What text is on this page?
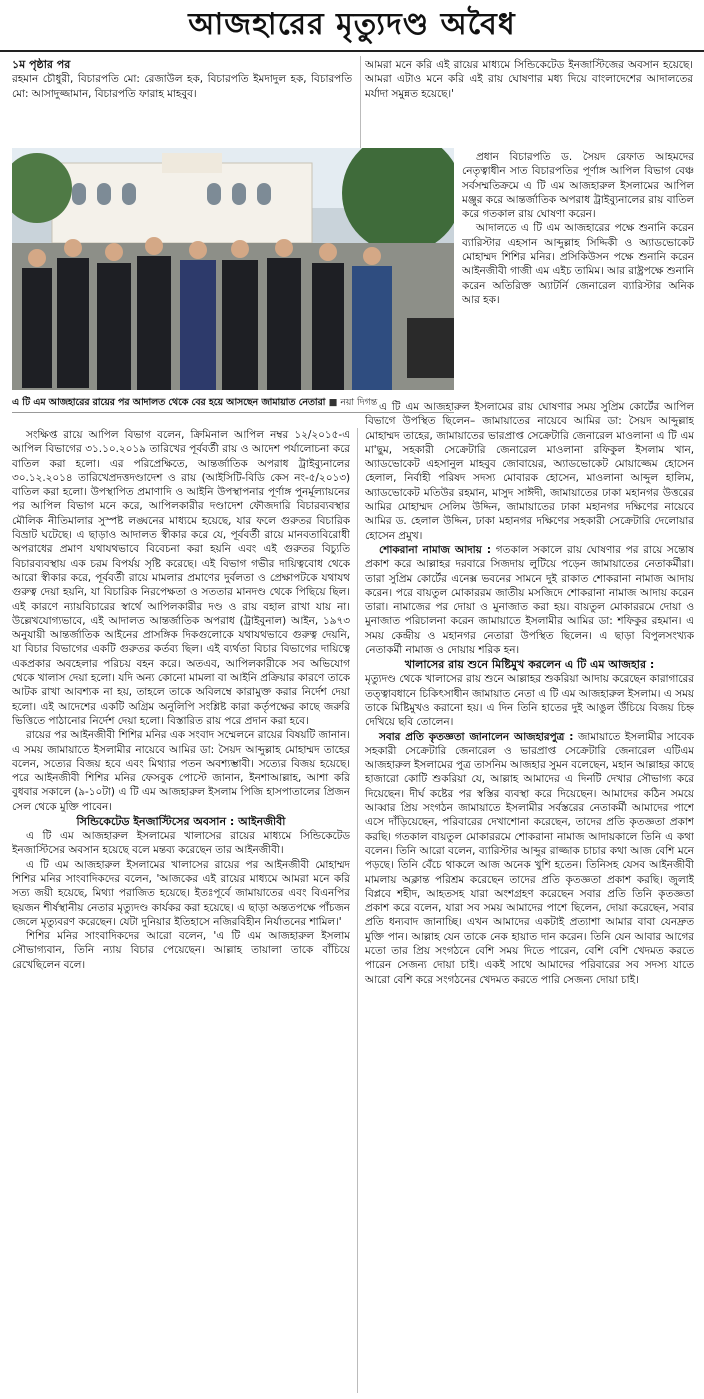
আজহারের মৃত্যুদণ্ড অবৈধ

১ম পৃষ্ঠার পর

রহমান চৌধুরী, বিচারপতি মো: রেজাউল হক, বিচারপতি ইমদাদুল হক, বিচারপতি মো: আসাদুজ্জামান, বিচারপতি ফারাহ মাহবুব।

আমরা মনে করি এই রায়ের মাধ্যমে সিন্ডিকেটেড ইনজাস্টিজের অবসান হয়েছে। আমরা এটাও মনে করি এই রায় ঘোষণার মধ্য দিয়ে বাংলাদেশের আদালতের মর্যাদা সমুন্নত হয়েছে।'

এ টি এম আজহারের রায়ের পর আদালত থেকে বের হয়ে আসছেন জামায়াত নেতারা ■ নয়া দিগন্ত

প্রধান বিচারপতি ড. সৈয়দ রেফাত আহমদের নেতৃত্বাধীন সাত বিচারপতির পূর্ণাঙ্গ আপিল বিভাগ বেঞ্চ সর্বসম্মতিক্রমে এ টি এম আজহারুল ইসলামের আপিল মঞ্জুর করে আন্তর্জাতিক অপরাধ ট্রাইব্যুনালের রায় বাতিল করে গতকাল রায় ঘোষণা করেন।

আদালতে এ টি এম আজহারের পক্ষে শুনানি করেন ব্যারিস্টার এহসান আব্দুল্লাহ সিদ্দিকী ও অ্যাডভোকেট মোহাম্মদ শিশির মনির। প্রসিকিউসন পক্ষে শুনানি করেন আইনজীবী গাজী এম এইচ তামিম। আর রাষ্ট্রপক্ষে শুনানি করেন অতিরিক্ত অ্যাটর্নি জেনারেল ব্যারিস্টার অনিক আর হক।

এ টি এম আজহারুল ইসলামের রায় ঘোষণার সময় সুপ্রিম কোর্টের আপিল বিভাগে উপস্থিত ছিলেন– জামায়াতের নায়েবে আমির ডা: সৈয়দ আব্দুল্লাহ মোহাম্মদ তাহের, জামায়াতের ভারপ্রাপ্ত সেক্রেটারি জেনারেল মাওলানা এ টি এম মা'ছুম, সহকারী সেক্রেটারি জেনারেল মাওলানা রফিকুল ইসলাম খান, অ্যাডভোকেট এহসানুল মাহবুব জোবায়ের, অ্যাডভোকেট মোয়াজ্জেম হোসেন হেলাল, নির্বাহী পরিষদ সদস্য মোবারক হোসেন, মাওলানা আব্দুল হালিম, অ্যাডভোকেট মতিউর রহমান, মাসুদ সাঈদী, জামায়াতের ঢাকা মহানগর উত্তরের আমির মোহাম্মদ সেলিম উদ্দিন, জামায়াতের ঢাকা মহানগর দক্ষিণের নায়েবে আমির ড. হেলাল উদ্দিন, ঢাকা মহানগর দক্ষিণের সহকারী সেক্রেটারি দেলোয়ার হোসেন প্রমুখ।

শোকরানা নামাজ আদায় : গতকাল সকালে রায় ঘোষণার পর রায়ে সন্তোষ প্রকাশ করে আল্লাহর দরবারে সিজদায় লুটিয়ে পড়েন জামায়াতের নেতাকর্মীরা। তারা সুপ্রিম কোর্টের এনেক্স ভবনের সামনে দুই রাকাত শোকরানা নামাজ আদায় করেন। পরে বায়তুল মোকাররম জাতীয় মসজিদে শোকরানা নামাজ আদায় করেন তারা। নামাজের পর দোয়া ও মুনাজাত করা হয়। বায়তুল মোকাররমে দোয়া ও মুনাজাত পরিচালনা করেন জামায়াতে ইসলামীর আমির ডা: শফিকুর রহমান। এ সময় কেন্দ্রীয় ও মহানগর নেতারা উপস্থিত ছিলেন। এ ছাড়া বিপুলসংখ্যক নেতাকর্মী নামাজ ও দোয়ায় শরিক হন।

খালাসের রায় শুনে মিষ্টিমুখ করলেন এ টি এম আজহার :

মৃত্যুদণ্ড থেকে খালাসের রায় শুনে আল্লাহর শুকরিয়া আদায় করেছেন কারাগারের তত্ত্বাবধানে চিকিৎসাধীন জামায়াত নেতা এ টি এম আজহারুল ইসলাম। এ সময় তাকে মিষ্টিমুখও করানো হয়। এ দিন তিনি হাতের দুই আঙুল উঁচিয়ে বিজয় চিহ্ন দেখিয়ে ছবি তোলেন।

সবার প্রতি কৃতজ্ঞতা জানালেন আজহারপুত্র : জামায়াতে ইসলামীর সাবেক সহকারী সেক্রেটারি জেনারেল ও ভারপ্রাপ্ত সেক্রেটারি জেনারেল এটিএম আজহারুল ইসলামের পুত্র তাসনিম আজহার সুমন বলেছেন, মহান আল্লাহর কাছে হাজারো কোটি শুকরিয়া যে, আল্লাহ আমাদের এ দিনটি দেখার সৌভাগ্য করে দিয়েছেন। দীর্ঘ কষ্টের পর স্বস্তির ব্যবস্থা করে দিয়েছেন। আমাদের কঠিন সময়ে আব্বার প্রিয় সংগঠন জামায়াতে ইসলামীর সর্বস্তরের নেতাকর্মী আমাদের পাশে এসে দাঁড়িয়েছেন, পরিবারের দেখাশোনা করেছেন, তাদের প্রতি কৃতজ্ঞতা প্রকাশ করছি। গতকাল বায়তুল মোকাররমে শোকরানা নামাজ আদায়কালে তিনি এ কথা বলেন। তিনি আরো বলেন, ব্যারিস্টার আব্দুর রাজ্জাক চাচার কথা আজ বেশি মনে পড়ছে। তিনি বেঁচে থাকলে আজ অনেক খুশি হতেন। তিনিসহ যেসব আইনজীবী মামলায় অক্লান্ত পরিশ্রম করেছেন তাদের প্রতি কৃতজ্ঞতা প্রকাশ করছি। জুলাই বিপ্লবে শহীদ, আহতসহ যারা অংশগ্রহণ করেছেন সবার প্রতি তিনি কৃতজ্ঞতা প্রকাশ করে বলেন, যারা সব সময় আমাদের পাশে ছিলেন, দোয়া করেছেন, সবার প্রতি ধন্যবাদ জানাচ্ছি। এখন আমাদের একটাই প্রত্যাশা আমার বাবা যেনদ্রুত মুক্তি পান। আল্লাহ যেন তাকে নেক হায়াত দান করেন। তিনি যেন আবার আগের মতো তার প্রিয় সংগঠনে বেশি সময় দিতে পারেন, বেশি বেশি খেদমত করতে পারেন সেজন্য দোয়া চাই। একই সাথে আমাদের পরিবারের সব সদস্য যাতে আরো বেশি করে সংগঠনের খেদমত করতে পারি সেজন্য দোয়া চাই।

সংক্ষিপ্ত রায়ে আপিল বিভাগ বলেন, ক্রিমিনাল আপিল নম্বর ১২/২০১৫-এ আপিল বিভাগের ৩১.১০.২০১৯ তারিখের পূর্ববর্তী রায় ও আদেশ পর্যালোচনা করে বাতিল করা হলো। এর পরিপ্রেক্ষিতে, আন্তর্জাতিক অপরাধ ট্রাইব্যুনালের ৩০.১২.২০১৪ তারিখেপ্রদত্তদণ্ডাদেশ ও রায় (আইসিটি-বিডি কেস নং-৫/২০১৩) বাতিল করা হলো। উপস্থাপিত প্রমাণাদি ও আইনি উপস্থাপনার পূর্ণাঙ্গ পুনর্মূল্যায়নের পর আপিল বিভাগ মনে করে, আপিলকারীর দণ্ডাদেশ ফৌজদারি বিচারব্যবস্থার মৌলিক নীতিমালার সুস্পষ্ট লঙ্ঘনের মাধ্যমে হয়েছে, যার ফলে গুরুতর বিচারিক বিভ্রাট ঘটেছে। এ ছাড়াও আদালত স্বীকার করে যে, পূর্ববর্তী রায়ে মানবতাবিরোধী অপরাধের প্রমাণ যথাযথভাবে বিবেচনা করা হয়নি এবং এই গুরুতর বিচ্যুতি বিচারব্যবস্থায় এক চরম বিপর্যয় সৃষ্টি করেছে। এই বিভাগ গভীর দায়িত্ববোধ থেকে আরো স্বীকার করে, পূর্ববর্তী রায়ে মামলার প্রমাণের দুর্বলতা ও প্রেক্ষাপটকে যথাযথ গুরুত্ব দেয়া হয়নি, যা বিচারিক নিরপেক্ষতা ও সততার মানদণ্ড থেকে পিছিয়ে ছিল। এই কারণে ন্যায়বিচারের স্বার্থে আপিলকারীর দণ্ড ও রায় বহাল রাখা যায় না। উল্লেখযোগ্যভাবে, এই আদালত আন্তর্জাতিক অপরাধ (ট্রাইবুনাল) আইন, ১৯৭৩ অনুযায়ী আন্তর্জাতিক আইনের প্রাসঙ্গিক দিকগুলোকে যথাযথভাবে গুরুত্ব দেয়নি, যা বিচার বিভাগের একটি গুরুতর কর্তব্য ছিল। এই ব্যর্থতা বিচার বিভাগের দায়িত্বে একপ্রকার অবহেলার পরিচয় বহন করে। অতএব, আপিলকারীকে সব অভিযোগ থেকে খালাস দেয়া হলো। যদি অন্য কোনো মামলা বা আইনি প্রক্রিয়ার কারণে তাকে আটক রাখা আবশ্যক না হয়, তাহলে তাকে অবিলম্বে কারামুক্ত করার নির্দেশ দেয়া হলো। এই আদেশের একটি অগ্রিম অনুলিপি সংশ্লিষ্ট কারা কর্তৃপক্ষের কাছে জরুরি ভিত্তিতে পাঠানোর নির্দেশ দেয়া হলো। বিস্তারিত রায় পরে প্রদান করা হবে।

রায়ের পর আইনজীবী শিশির মনির এক সংবাদ সম্মেলনে রায়ের বিষয়টি জানান। এ সময় জামায়াতে ইসলামীর নায়েবে আমির ডা: সৈয়দ আব্দুল্লাহ মোহাম্মদ তাহের বলেন, সত্যের বিজয় হবে এবং মিথ্যার পতন অবশ্যম্ভাবী। সত্যের বিজয় হয়েছে। পরে আইনজীবী শিশির মনির ফেসবুক পোস্টে জানান, ইনশাআল্লাহ, আশা করি বুধবার সকালে (৯-১০টা) এ টি এম আজহারুল ইসলাম পিজি হাসপাতালের প্রিজন সেল থেকে মুক্তি পাবেন।

সিন্ডিকেটেড ইনজাস্টিসের অবসান : আইনজীবী

এ টি এম আজহারুল ইসলামের খালাসের রায়ের মাধ্যমে সিন্ডিকেটেড ইনজাস্টিসের অবসান হয়েছে বলে মন্তব্য করেছেন তার আইনজীবী।

এ টি এম আজহারুল ইসলামের খালাসের রায়ের পর আইনজীবী মোহাম্মদ শিশির মনির সাংবাদিকদের বলেন, 'আজকের এই রায়ের মাধ্যমে আমরা মনে করি সত্য জয়ী হয়েছে, মিথ্যা পরাজিত হয়েছে। ইতঃপূর্বে জামায়াতের এবং বিএনপির ছয়জন শীর্ষস্থানীয় নেতার মৃত্যুদণ্ড কার্যকর করা হয়েছে। এ ছাড়া অন্ততপক্ষে পাঁচজন জেলে মৃত্যুবরণ করেছেন। যেটা দুনিয়ার ইতিহাসে নজিরবিহীন নির্যাতনের শামিল।'

শিশির মনির সাংবাদিকদের আরো বলেন, 'এ টি এম আজহারুল ইসলাম সৌভাগ্যবান, তিনি ন্যায় বিচার পেয়েছেন। আল্লাহ তায়ালা তাকে বাঁচিয়ে রেখেছিলেন বলে।
